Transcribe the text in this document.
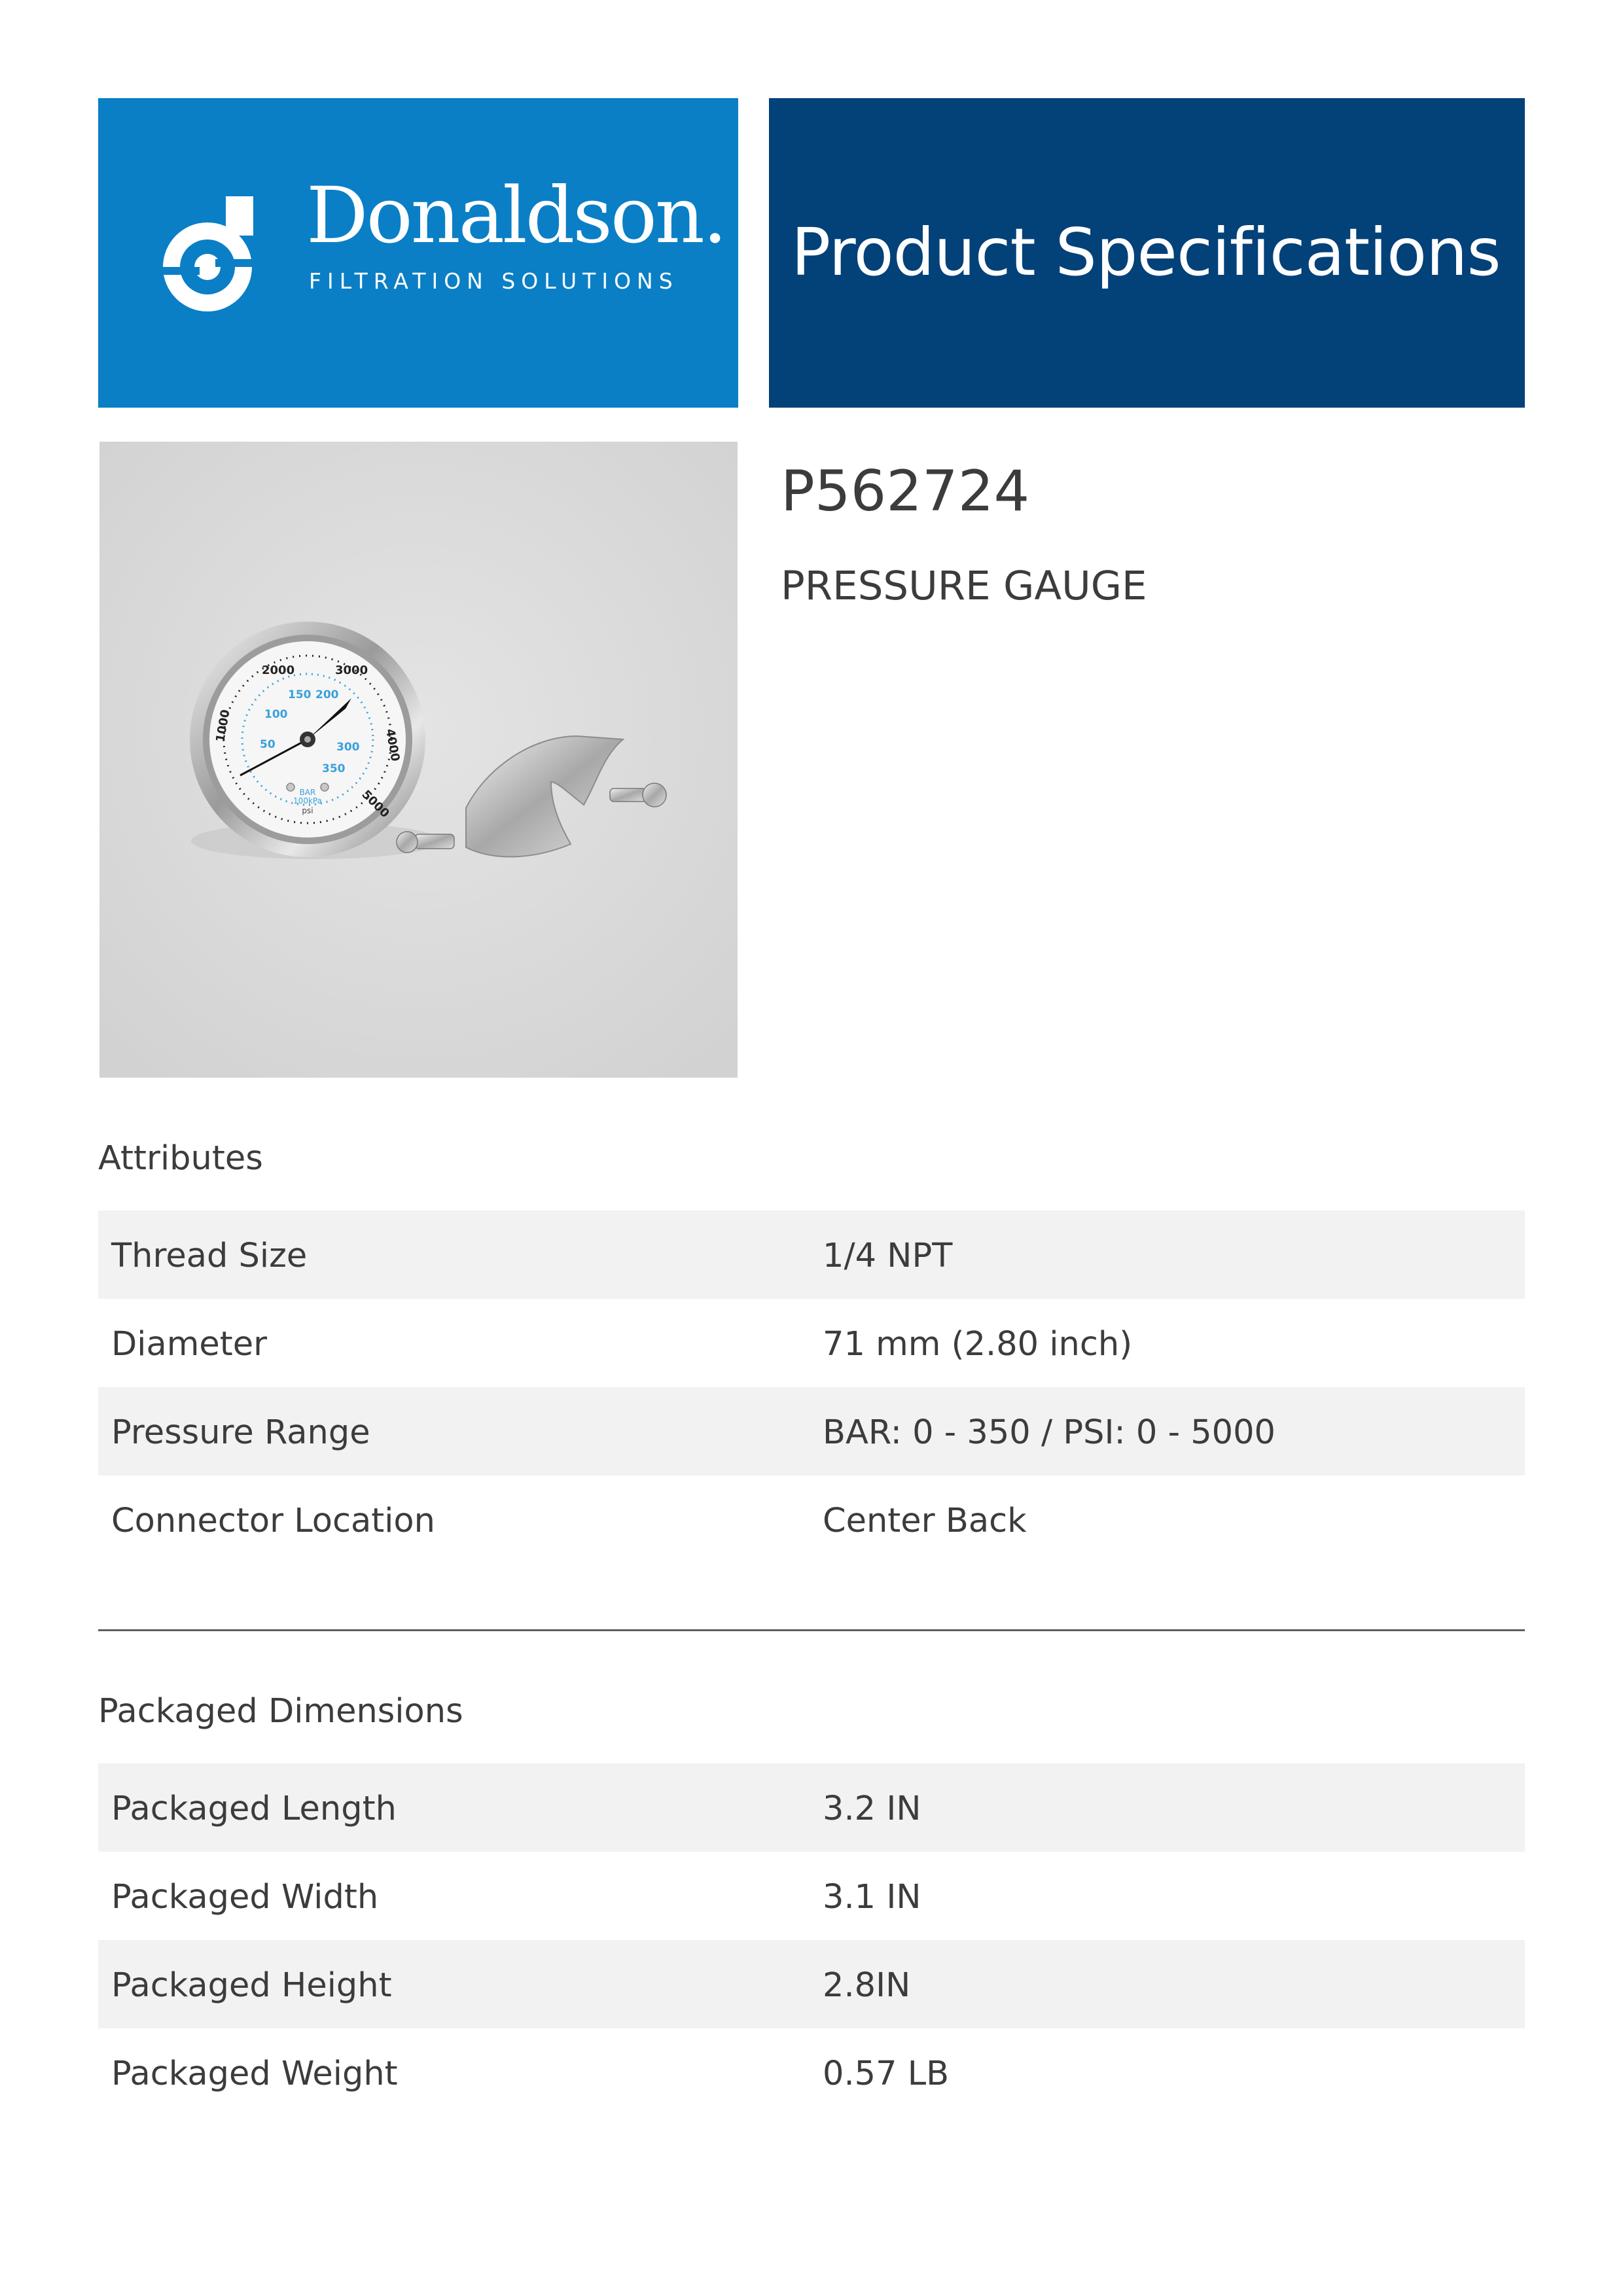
Donaldson.
FILTRATION SOLUTIONS Product Specifications
1000
2000	3000
4000
5000
50
100
150 200
300
350
BAR
100kPa
psi
P562724
PRESSURE GAUGE
Attributes
Thread Size	1/4 NPT
Diameter	71 mm (2.80 inch)
Pressure Range	BAR: 0 - 350 / PSI: 0 - 5000
Connector Location	Center Back
Packaged Dimensions
Packaged Length	3.2 IN
Packaged Width	3.1 IN
Packaged Height	2.8IN
Packaged Weight	0.57 LB
